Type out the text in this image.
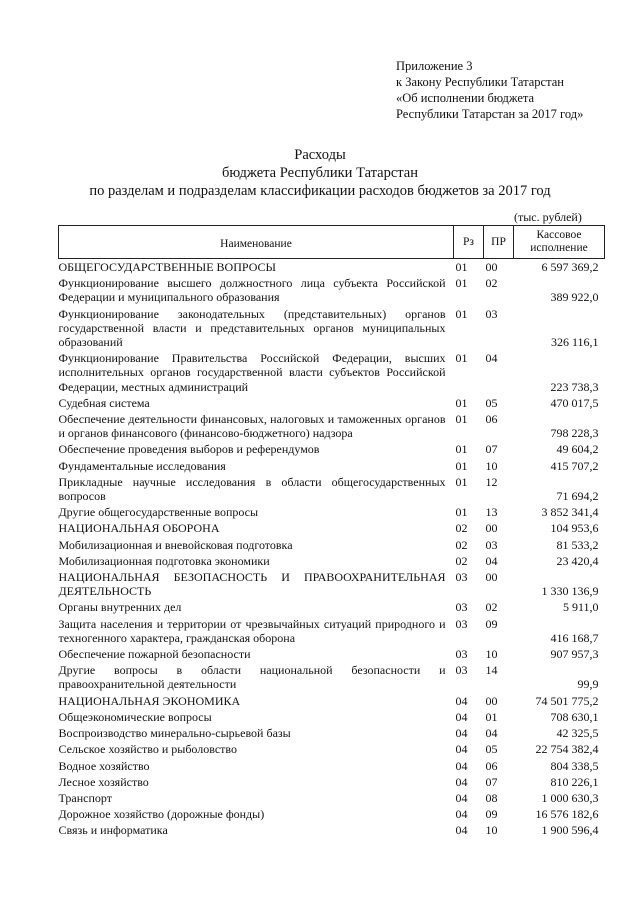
Приложение 3
к Закону Республики Татарстан
«Об исполнении бюджета
Республики Татарстан за 2017 год»
Расходы
бюджета Республики Татарстан
по разделам и подразделам классификации расходов бюджетов за 2017 год
(тыс. рублей)
Наименование	Рз	ПР	Кассовое
исполнение

ОБЩЕГОСУДАРСТВЕННЫЕ ВОПРОСЫ	01	00	6 597 369,2
Функционирование высшего должностного лица субъекта Российской Федерации и муниципального образования	01	02	389 922,0
Функционирование законодательных (представительных) органов государственной власти и представительных органов муниципальных образований	01	03	326 116,1
Функционирование Правительства Российской Федерации, высших исполнительных органов государственной власти субъектов Российской Федерации, местных администраций	01	04	223 738,3
Судебная система	01	05	470 017,5
Обеспечение деятельности финансовых, налоговых и таможенных органов и органов финансового (финансово-бюджетного) надзора	01	06	798 228,3
Обеспечение проведения выборов и референдумов	01	07	49 604,2
Фундаментальные исследования	01	10	415 707,2
Прикладные научные исследования в области общегосударственных вопросов	01	12	71 694,2
Другие общегосударственные вопросы	01	13	3 852 341,4
НАЦИОНАЛЬНАЯ ОБОРОНА	02	00	104 953,6
Мобилизационная и вневойсковая подготовка	02	03	81 533,2
Мобилизационная подготовка экономики	02	04	23 420,4
НАЦИОНАЛЬНАЯ БЕЗОПАСНОСТЬ И ПРАВООХРАНИТЕЛЬНАЯ ДЕЯТЕЛЬНОСТЬ	03	00	1 330 136,9
Органы внутренних дел	03	02	5 911,0
Защита населения и территории от чрезвычайных ситуаций природного и техногенного характера, гражданская оборона	03	09	416 168,7
Обеспечение пожарной безопасности	03	10	907 957,3
Другие вопросы в области национальной безопасности и правоохранительной деятельности	03	14	99,9
НАЦИОНАЛЬНАЯ ЭКОНОМИКА	04	00	74 501 775,2
Общеэкономические вопросы	04	01	708 630,1
Воспроизводство минерально-сырьевой базы	04	04	42 325,5
Сельское хозяйство и рыболовство	04	05	22 754 382,4
Водное хозяйство	04	06	804 338,5
Лесное хозяйство	04	07	810 226,1
Транспорт	04	08	1 000 630,3
Дорожное хозяйство (дорожные фонды)	04	09	16 576 182,6
Связь и информатика	04	10	1 900 596,4
